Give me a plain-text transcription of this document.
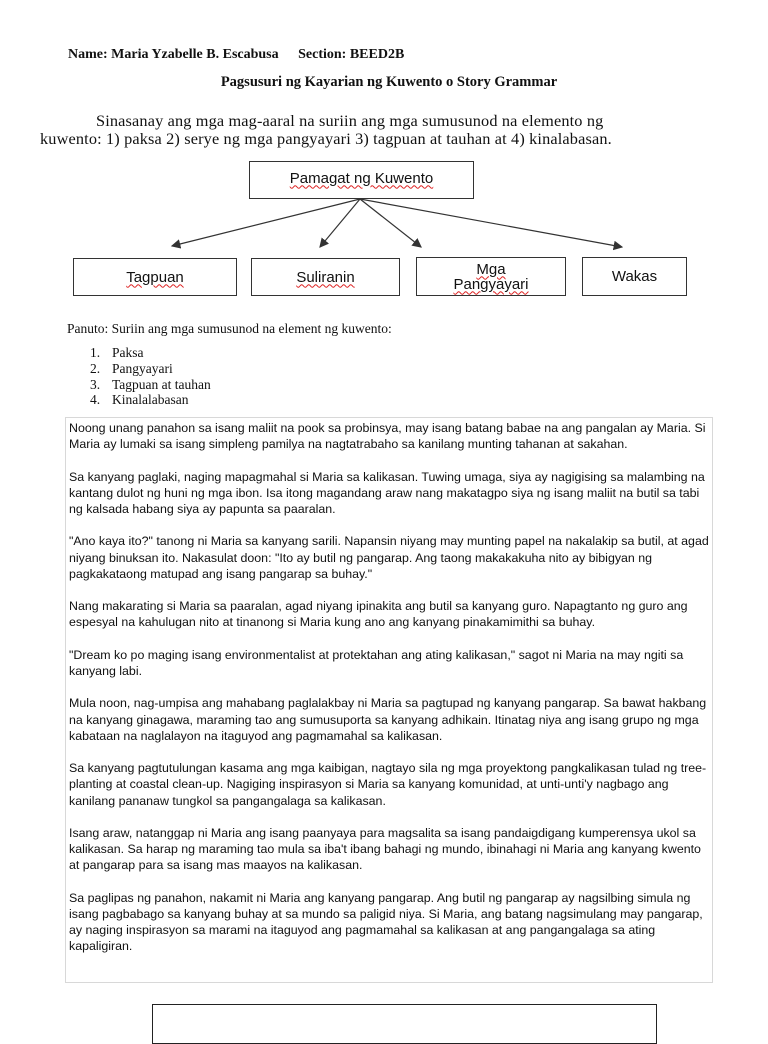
Name: Maria Yzabelle B. Escabusa Section: BEED2B
Pagsusuri ng Kayarian ng Kuwento o Story Grammar
Sinasanay ang mga mag-aaral na suriin ang mga sumusunod na elemento ng
kuwento: 1) paksa 2) serye ng mga pangyayari 3) tagpuan at tauhan at 4) kinalabasan.
Pamagat ng Kuwento
Tagpuan	Suliranin	Mga Pangyayari	Wakas
Panuto: Suriin ang mga sumusunod na element ng kuwento:
1. Paksa
2. Pangyayari
3. Tagpuan at tauhan
4. Kinalalabasan

Noong unang panahon sa isang maliit na pook sa probinsya, may isang batang babae na ang pangalan ay Maria. Si Maria ay lumaki sa isang simpleng pamilya na nagtatrabaho sa kanilang munting tahanan at sakahan.

Sa kanyang paglaki, naging mapagmahal si Maria sa kalikasan. Tuwing umaga, siya ay nagigising sa malambing na kantang dulot ng huni ng mga ibon. Isa itong magandang araw nang makatagpo siya ng isang maliit na butil sa tabi ng kalsada habang siya ay papunta sa paaralan.

"Ano kaya ito?" tanong ni Maria sa kanyang sarili. Napansin niyang may munting papel na nakalakip sa butil, at agad niyang binuksan ito. Nakasulat doon: "Ito ay butil ng pangarap. Ang taong makakakuha nito ay bibigyan ng pagkakataong matupad ang isang pangarap sa buhay."

Nang makarating si Maria sa paaralan, agad niyang ipinakita ang butil sa kanyang guro. Napagtanto ng guro ang espesyal na kahulugan nito at tinanong si Maria kung ano ang kanyang pinakamimithi sa buhay.

"Dream ko po maging isang environmentalist at protektahan ang ating kalikasan," sagot ni Maria na may ngiti sa kanyang labi.

Mula noon, nag-umpisa ang mahabang paglalakbay ni Maria sa pagtupad ng kanyang pangarap. Sa bawat hakbang na kanyang ginagawa, maraming tao ang sumusuporta sa kanyang adhikain. Itinatag niya ang isang grupo ng mga kabataan na naglalayon na itaguyod ang pagmamahal sa kalikasan.

Sa kanyang pagtutulungan kasama ang mga kaibigan, nagtayo sila ng mga proyektong pangkalikasan tulad ng tree-planting at coastal clean-up. Nagiging inspirasyon si Maria sa kanyang komunidad, at unti-unti'y nagbago ang kanilang pananaw tungkol sa pangangalaga sa kalikasan.

Isang araw, natanggap ni Maria ang isang paanyaya para magsalita sa isang pandaigdigang kumperensya ukol sa kalikasan. Sa harap ng maraming tao mula sa iba't ibang bahagi ng mundo, ibinahagi ni Maria ang kanyang kwento at pangarap para sa isang mas maayos na kalikasan.

Sa paglipas ng panahon, nakamit ni Maria ang kanyang pangarap. Ang butil ng pangarap ay nagsilbing simula ng isang pagbabago sa kanyang buhay at sa mundo sa paligid niya. Si Maria, ang batang nagsimulang may pangarap, ay naging inspirasyon sa marami na itaguyod ang pagmamahal sa kalikasan at ang pangangalaga sa ating kapaligiran.
